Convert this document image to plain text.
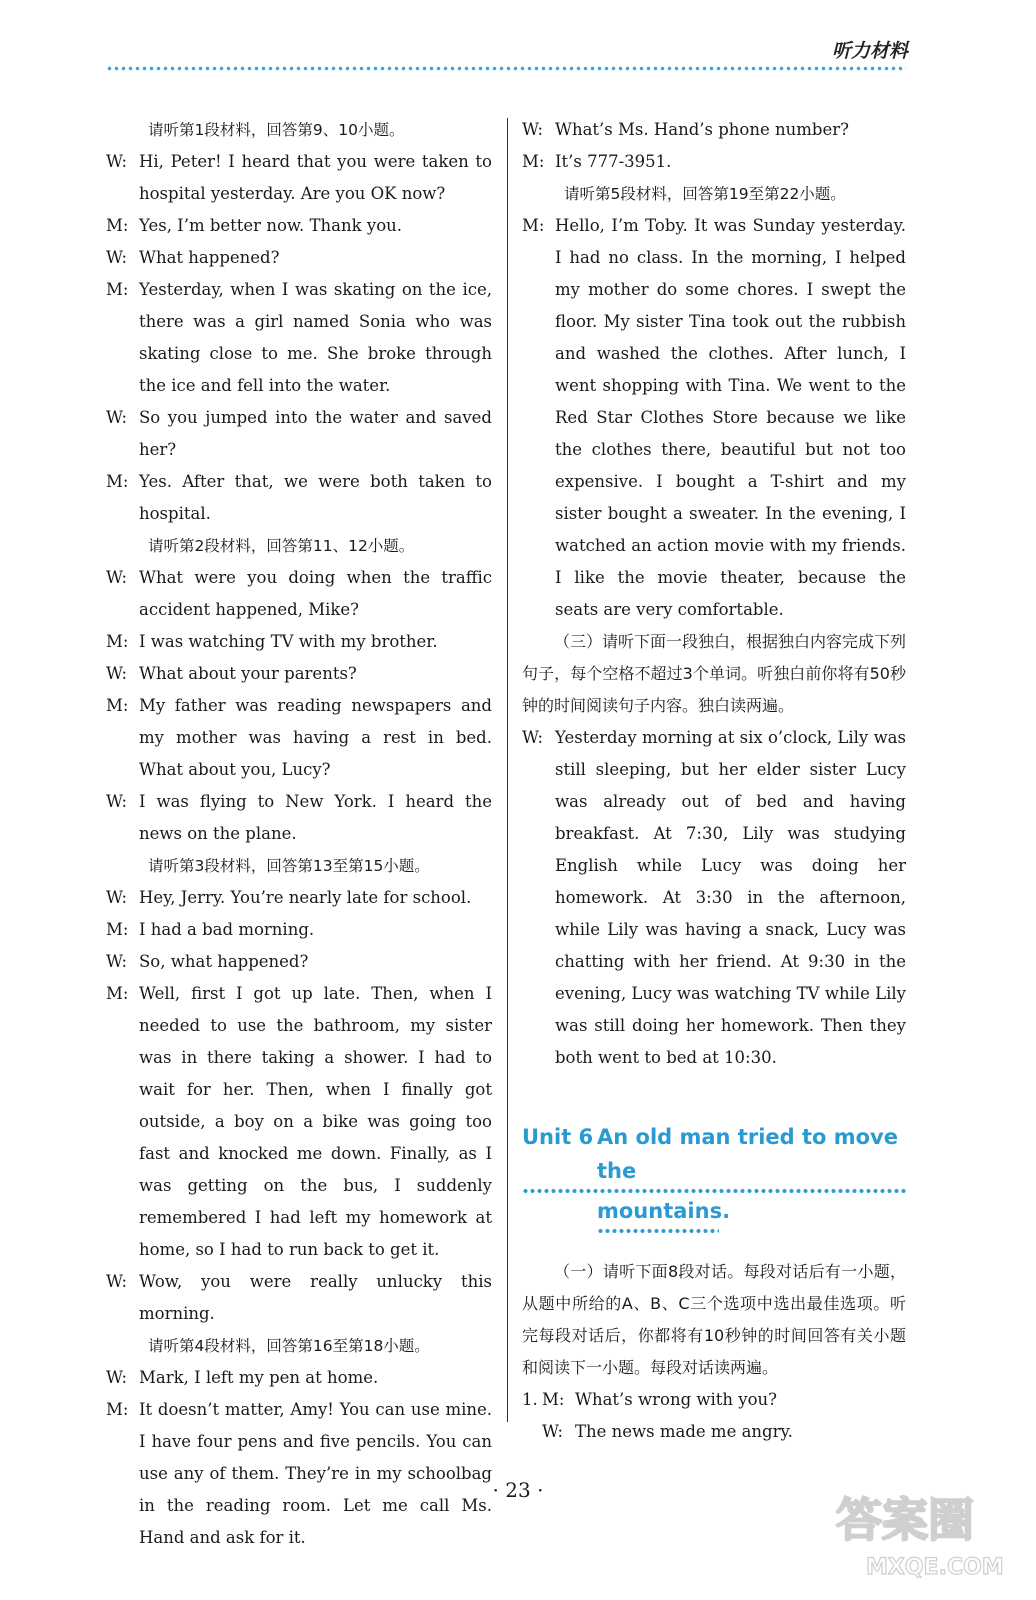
听力材料
请听第1段材料，回答第9、10小题。
W: Hi, Peter! I heard that you were taken to hospital yesterday. Are you OK now?
M: Yes, I’m better now. Thank you.
W: What happened?
M: Yesterday, when I was skating on the ice, there was a girl named Sonia who was skating close to me. She broke through the ice and fell into the water.
W: So you jumped into the water and saved her?
M: Yes. After that, we were both taken to hospital.
请听第2段材料，回答第11、12小题。
W: What were you doing when the traffic accident happened, Mike?
M: I was watching TV with my brother.
W: What about your parents?
M: My father was reading newspapers and my mother was having a rest in bed. What about you, Lucy?
W: I was flying to New York. I heard the news on the plane.
请听第3段材料，回答第13至第15小题。
W: Hey, Jerry. You’re nearly late for school.
M: I had a bad morning.
W: So, what happened?
M: Well, first I got up late. Then, when I needed to use the bathroom, my sister was in there taking a shower. I had to wait for her. Then, when I finally got outside, a boy on a bike was going too fast and knocked me down. Finally, as I was getting on the bus, I suddenly remembered I had left my homework at home, so I had to run back to get it.
W: Wow, you were really unlucky this morning.
请听第4段材料，回答第16至第18小题。
W: Mark, I left my pen at home.
M: It doesn’t matter, Amy! You can use mine. I have four pens and five pencils. You can use any of them. They’re in my schoolbag in the reading room. Let me call Ms. Hand and ask for it.
W: What’s Ms. Hand’s phone number?
M: It’s 777-3951.
请听第5段材料，回答第19至第22小题。
M: Hello, I’m Toby. It was Sunday yesterday. I had no class. In the morning, I helped my mother do some chores. I swept the floor. My sister Tina took out the rubbish and washed the clothes. After lunch, I went shopping with Tina. We went to the Red Star Clothes Store because we like the clothes there, beautiful but not too expensive. I bought a T-shirt and my sister bought a sweater. In the evening, I watched an action movie with my friends. I like the movie theater, because the seats are very comfortable.
（三）请听下面一段独白，根据独白内容完成下列句子，每个空格不超过3个单词。听独白前你将有50秒钟的时间阅读句子内容。独白读两遍。
W: Yesterday morning at six o’clock, Lily was still sleeping, but her elder sister Lucy was already out of bed and having breakfast. At 7:30, Lily was studying English while Lucy was doing her homework. At 3:30 in the afternoon, while Lily was having a snack, Lucy was chatting with her friend. At 9:30 in the evening, Lucy was watching TV while Lily was still doing her homework. Then they both went to bed at 10:30.
Unit 6 An old man tried to move the
mountains.
（一）请听下面8段对话。每段对话后有一小题，从题中所给的A、B、C三个选项中选出最佳选项。听完每段对话后，你都将有10秒钟的时间回答有关小题和阅读下一小题。每段对话读两遍。
1. M: What’s wrong with you?
W: The news made me angry.
· 23 ·
答案圈
MXQE.COM
